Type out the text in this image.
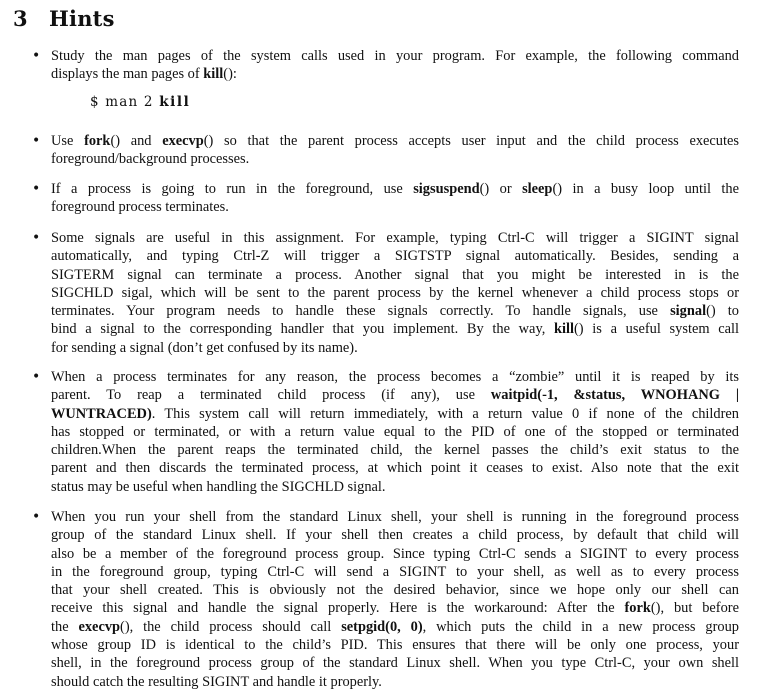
3 Hints
• Study the man pages of the system calls used in your program. For example, the following command
displays the man pages of kill():
$ man 2 kill
• Use fork() and execvp() so that the parent process accepts user input and the child process executes
foreground/background processes.
• If a process is going to run in the foreground, use sigsuspend() or sleep() in a busy loop until the
foreground process terminates.
• Some signals are useful in this assignment. For example, typing Ctrl-C will trigger a SIGINT signal
automatically, and typing Ctrl-Z will trigger a SIGTSTP signal automatically. Besides, sending a
SIGTERM signal can terminate a process. Another signal that you might be interested in is the
SIGCHLD sigal, which will be sent to the parent process by the kernel whenever a child process stops or
terminates. Your program needs to handle these signals correctly. To handle signals, use signal() to
bind a signal to the corresponding handler that you implement. By the way, kill() is a useful system call
for sending a signal (don’t get confused by its name).
• When a process terminates for any reason, the process becomes a “zombie” until it is reaped by its
parent. To reap a terminated child process (if any), use waitpid(-1, &status, WNOHANG |
WUNTRACED). This system call will return immediately, with a return value 0 if none of the children
has stopped or terminated, or with a return value equal to the PID of one of the stopped or terminated
children.When the parent reaps the terminated child, the kernel passes the child’s exit status to the
parent and then discards the terminated process, at which point it ceases to exist. Also note that the exit
status may be useful when handling the SIGCHLD signal.
• When you run your shell from the standard Linux shell, your shell is running in the foreground process
group of the standard Linux shell. If your shell then creates a child process, by default that child will
also be a member of the foreground process group. Since typing Ctrl-C sends a SIGINT to every process
in the foreground group, typing Ctrl-C will send a SIGINT to your shell, as well as to every process
that your shell created. This is obviously not the desired behavior, since we hope only our shell can
receive this signal and handle the signal properly. Here is the workaround: After the fork(), but before
the execvp(), the child process should call setpgid(0, 0), which puts the child in a new process group
whose group ID is identical to the child’s PID. This ensures that there will be only one process, your
shell, in the foreground process group of the standard Linux shell. When you type Ctrl-C, your own shell
should catch the resulting SIGINT and handle it properly.
